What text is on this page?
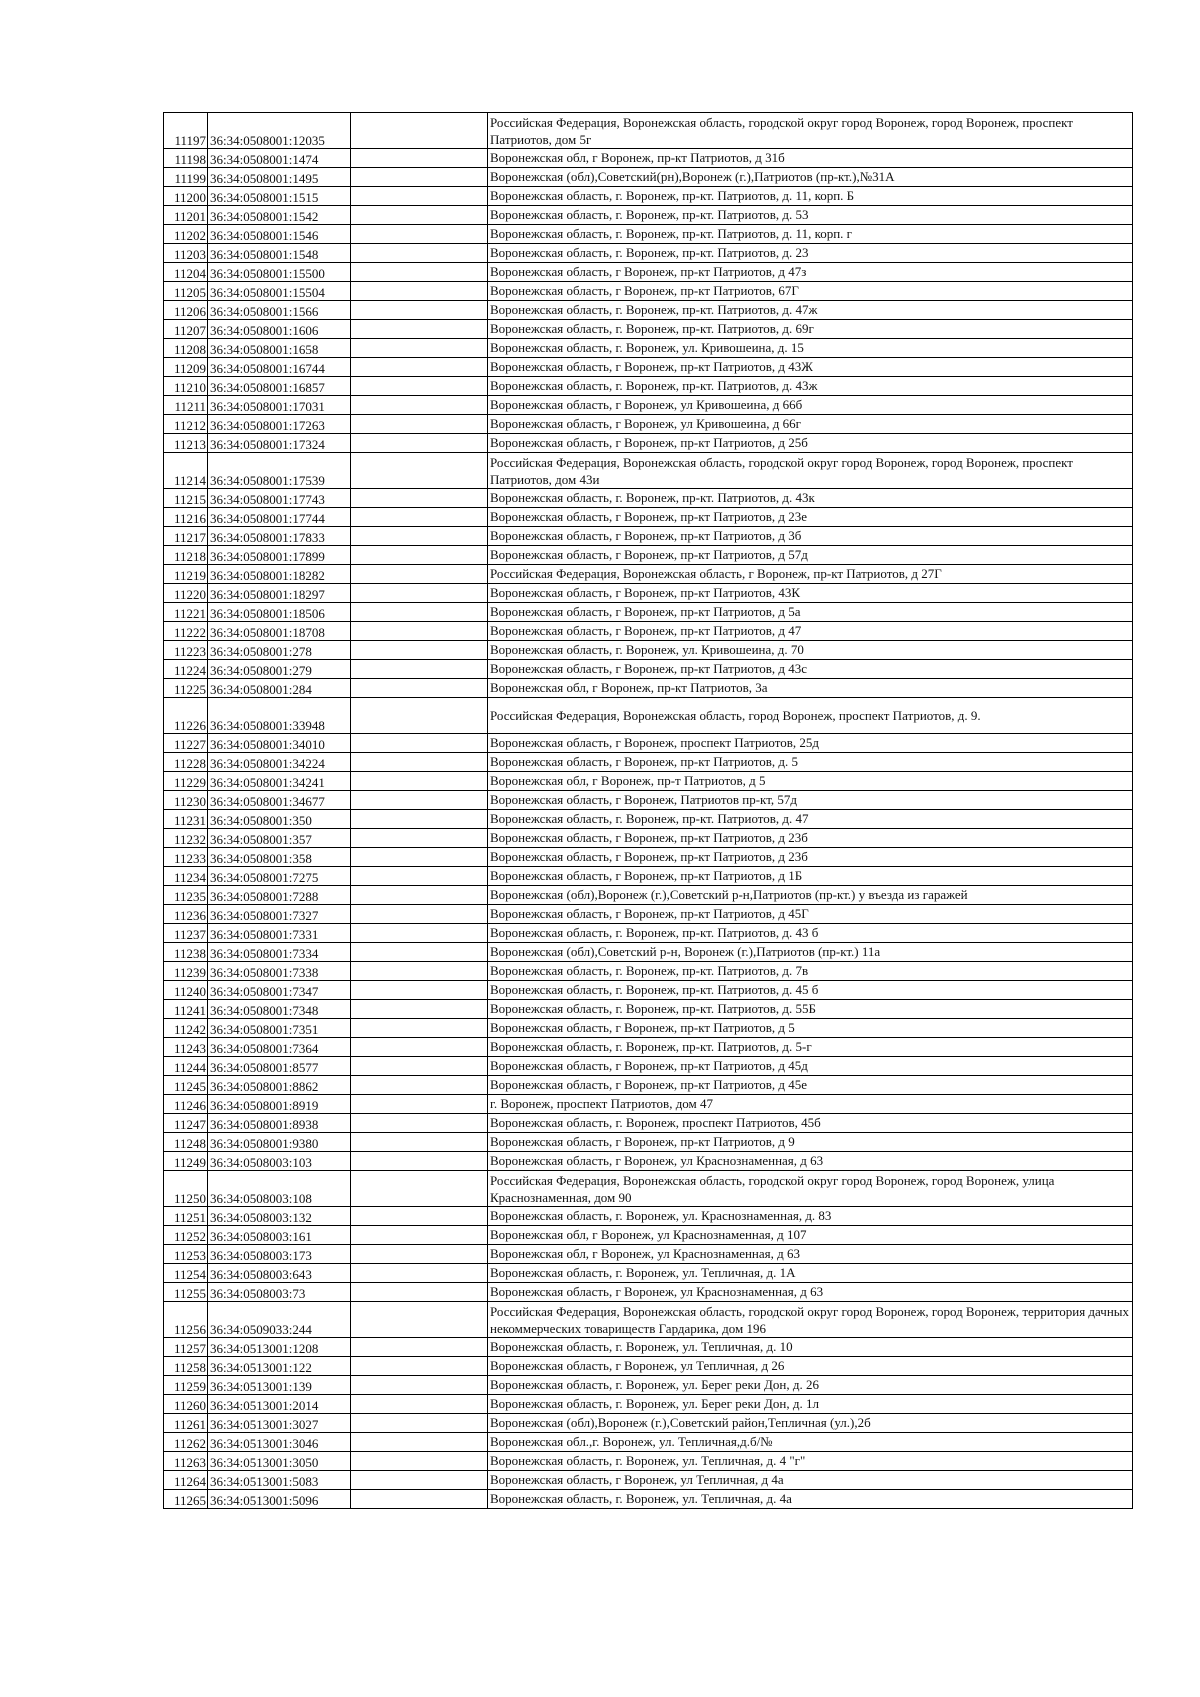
11197	36:34:0508001:12035		Российская Федерация, Воронежская область, городской округ город Воронеж, город Воронеж, проспект Патриотов, дом 5г
11198	36:34:0508001:1474		Воронежская обл, г Воронеж, пр-кт Патриотов, д 31б
11199	36:34:0508001:1495		Воронежская (обл),Советский(рн),Воронеж (г.),Патриотов (пр-кт.),№31А
11200	36:34:0508001:1515		Воронежская область, г. Воронеж, пр-кт. Патриотов, д. 11, корп. Б
11201	36:34:0508001:1542		Воронежская область, г. Воронеж, пр-кт. Патриотов, д. 53
11202	36:34:0508001:1546		Воронежская область, г. Воронеж, пр-кт. Патриотов, д. 11, корп. г
11203	36:34:0508001:1548		Воронежская область, г. Воронеж, пр-кт. Патриотов, д. 23
11204	36:34:0508001:15500		Воронежская область, г Воронеж, пр-кт Патриотов, д 47з
11205	36:34:0508001:15504		Воронежская область, г Воронеж, пр-кт Патриотов, 67Г
11206	36:34:0508001:1566		Воронежская область, г. Воронеж, пр-кт. Патриотов, д. 47ж
11207	36:34:0508001:1606		Воронежская область, г. Воронеж, пр-кт. Патриотов, д. 69г
11208	36:34:0508001:1658		Воронежская область, г. Воронеж, ул. Кривошеина, д. 15
11209	36:34:0508001:16744		Воронежская область, г Воронеж, пр-кт Патриотов, д 43Ж
11210	36:34:0508001:16857		Воронежская область, г. Воронеж, пр-кт. Патриотов, д. 43ж
11211	36:34:0508001:17031		Воронежская область, г Воронеж, ул Кривошеина, д 66б
11212	36:34:0508001:17263		Воронежская область, г Воронеж, ул Кривошеина, д 66г
11213	36:34:0508001:17324		Воронежская область, г Воронеж, пр-кт Патриотов, д 25б
11214	36:34:0508001:17539		Российская Федерация, Воронежская область, городской округ город Воронеж, город Воронеж, проспект Патриотов, дом 43и
11215	36:34:0508001:17743		Воронежская область, г. Воронеж, пр-кт. Патриотов, д. 43к
11216	36:34:0508001:17744		Воронежская область, г Воронеж, пр-кт Патриотов, д 23е
11217	36:34:0508001:17833		Воронежская область, г Воронеж, пр-кт Патриотов, д 3б
11218	36:34:0508001:17899		Воронежская область, г Воронеж, пр-кт Патриотов, д 57д
11219	36:34:0508001:18282		Российская Федерация, Воронежская область, г Воронеж, пр-кт Патриотов, д 27Г
11220	36:34:0508001:18297		Воронежская область, г Воронеж, пр-кт Патриотов, 43К
11221	36:34:0508001:18506		Воронежская область, г Воронеж, пр-кт Патриотов, д 5а
11222	36:34:0508001:18708		Воронежская область, г Воронеж, пр-кт Патриотов, д 47
11223	36:34:0508001:278		Воронежская область, г. Воронеж, ул. Кривошеина, д. 70
11224	36:34:0508001:279		Воронежская область, г Воронеж, пр-кт Патриотов, д 43с
11225	36:34:0508001:284		Воронежская обл, г Воронеж, пр-кт Патриотов, 3а
11226	36:34:0508001:33948		Российская Федерация, Воронежская область, город Воронеж, проспект Патриотов, д. 9.
11227	36:34:0508001:34010		Воронежская область, г Воронеж, проспект Патриотов, 25д
11228	36:34:0508001:34224		Воронежская область, г Воронеж, пр-кт Патриотов, д. 5
11229	36:34:0508001:34241		Воронежская обл, г Воронеж, пр-т Патриотов, д 5
11230	36:34:0508001:34677		Воронежская область, г Воронеж, Патриотов пр-кт, 57д
11231	36:34:0508001:350		Воронежская область, г. Воронеж, пр-кт. Патриотов, д. 47
11232	36:34:0508001:357		Воронежская область, г Воронеж, пр-кт Патриотов, д 23б
11233	36:34:0508001:358		Воронежская область, г Воронеж, пр-кт Патриотов, д 23б
11234	36:34:0508001:7275		Воронежская область, г Воронеж, пр-кт Патриотов, д 1Б
11235	36:34:0508001:7288		Воронежская (обл),Воронеж (г.),Советский р-н,Патриотов (пр-кт.) у въезда из гаражей
11236	36:34:0508001:7327		Воронежская область, г Воронеж, пр-кт Патриотов, д 45Г
11237	36:34:0508001:7331		Воронежская область, г. Воронеж, пр-кт. Патриотов, д. 43 б
11238	36:34:0508001:7334		Воронежская (обл),Советский р-н, Воронеж (г.),Патриотов (пр-кт.) 11а
11239	36:34:0508001:7338		Воронежская область, г. Воронеж, пр-кт. Патриотов, д. 7в
11240	36:34:0508001:7347		Воронежская область, г. Воронеж, пр-кт. Патриотов, д. 45 б
11241	36:34:0508001:7348		Воронежская область, г. Воронеж, пр-кт. Патриотов, д. 55Б
11242	36:34:0508001:7351		Воронежская область, г Воронеж, пр-кт Патриотов, д 5
11243	36:34:0508001:7364		Воронежская область, г. Воронеж, пр-кт. Патриотов, д. 5-г
11244	36:34:0508001:8577		Воронежская область, г Воронеж, пр-кт Патриотов, д 45д
11245	36:34:0508001:8862		Воронежская область, г Воронеж, пр-кт Патриотов, д 45е
11246	36:34:0508001:8919		г. Воронеж, проспект Патриотов, дом 47
11247	36:34:0508001:8938		Воронежская область, г. Воронеж, проспект Патриотов, 45б
11248	36:34:0508001:9380		Воронежская область, г Воронеж, пр-кт Патриотов, д 9
11249	36:34:0508003:103		Воронежская область, г Воронеж, ул Краснознаменная, д 63
11250	36:34:0508003:108		Российская Федерация, Воронежская область, городской округ город Воронеж, город Воронеж, улица Краснознаменная, дом 90
11251	36:34:0508003:132		Воронежская область, г. Воронеж, ул. Краснознаменная, д. 83
11252	36:34:0508003:161		Воронежская обл, г Воронеж, ул Краснознаменная, д 107
11253	36:34:0508003:173		Воронежская обл, г Воронеж, ул Краснознаменная, д 63
11254	36:34:0508003:643		Воронежская область, г. Воронеж, ул. Тепличная, д. 1А
11255	36:34:0508003:73		Воронежская область, г Воронеж, ул Краснознаменная, д 63
11256	36:34:0509033:244		Российская Федерация, Воронежская область, городской округ город Воронеж, город Воронеж, территория дачных некоммерческих товариществ Гардарика, дом 196
11257	36:34:0513001:1208		Воронежская область, г. Воронеж, ул. Тепличная, д. 10
11258	36:34:0513001:122		Воронежская область, г Воронеж, ул Тепличная, д 26
11259	36:34:0513001:139		Воронежская область, г. Воронеж, ул. Берег реки Дон, д. 26
11260	36:34:0513001:2014		Воронежская область, г. Воронеж, ул. Берег реки Дон, д. 1л
11261	36:34:0513001:3027		Воронежская (обл),Воронеж (г.),Советский район,Тепличная (ул.),2б
11262	36:34:0513001:3046		Воронежская обл.,г. Воронеж, ул. Тепличная,д.б/№
11263	36:34:0513001:3050		Воронежская область, г. Воронеж, ул. Тепличная, д. 4 "г"
11264	36:34:0513001:5083		Воронежская область, г Воронеж, ул Тепличная, д 4а
11265	36:34:0513001:5096		Воронежская область, г. Воронеж, ул. Тепличная, д. 4а
